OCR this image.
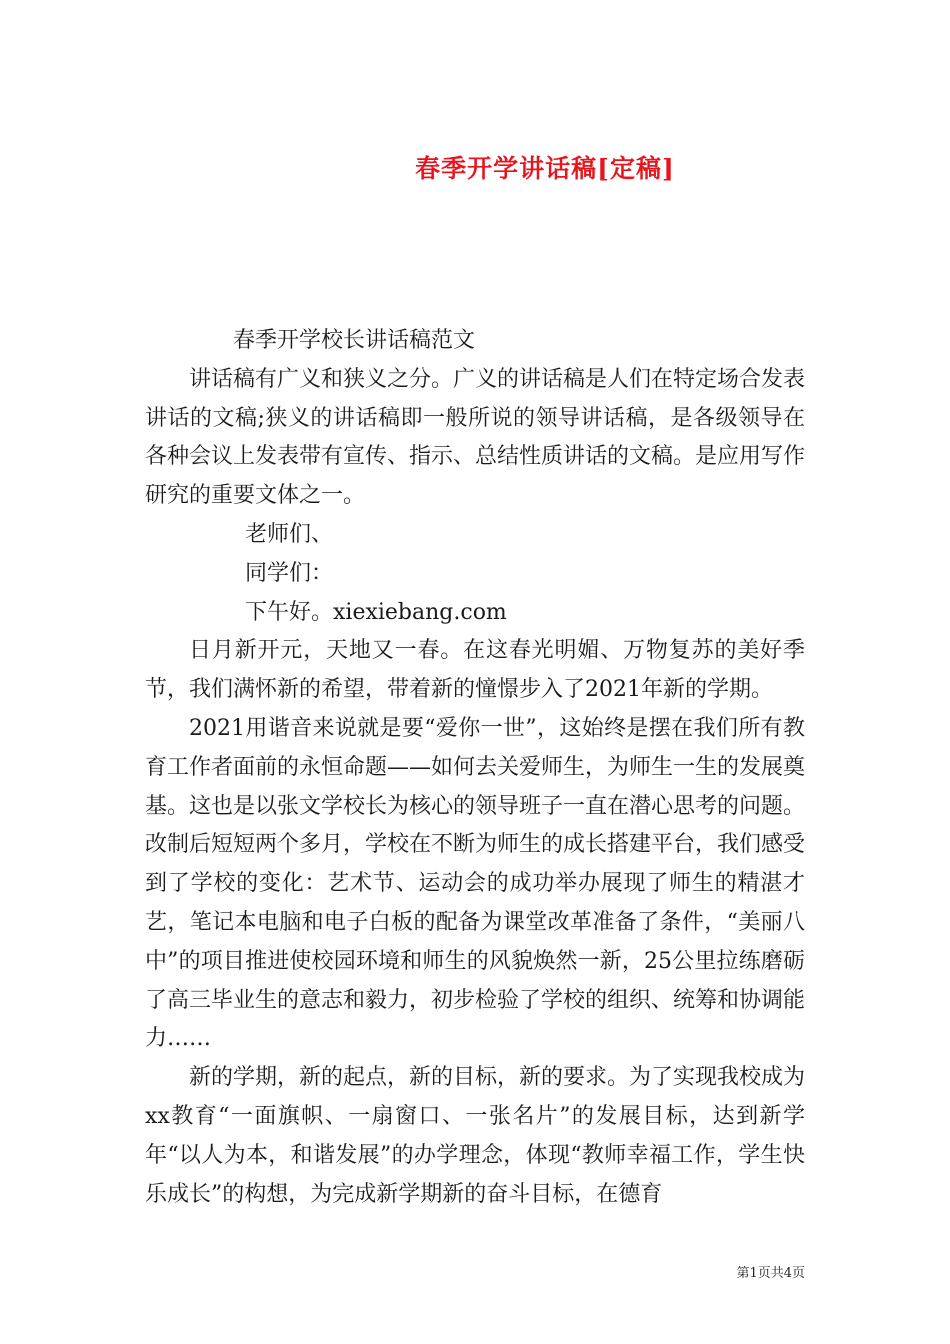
春季开学讲话稿[定稿]

春季开学校长讲话稿范文

讲话稿有广义和狭义之分。广义的讲话稿是人们在特定场合发表讲话的文稿;狭义的讲话稿即一般所说的领导讲话稿，是各级领导在各种会议上发表带有宣传、指示、总结性质讲话的文稿。是应用写作研究的重要文体之一。

老师们、

同学们：

下午好。xiexiebang.com

日月新开元，天地又一春。在这春光明媚、万物复苏的美好季节，我们满怀新的希望，带着新的憧憬步入了2021年新的学期。

2021用谐音来说就是要“爱你一世”，这始终是摆在我们所有教育工作者面前的永恒命题——如何去关爱师生，为师生一生的发展奠基。这也是以张文学校长为核心的领导班子一直在潜心思考的问题。改制后短短两个多月，学校在不断为师生的成长搭建平台，我们感受到了学校的变化：艺术节、运动会的成功举办展现了师生的精湛才艺，笔记本电脑和电子白板的配备为课堂改革准备了条件，“美丽八中”的项目推进使校园环境和师生的风貌焕然一新，25公里拉练磨砺了高三毕业生的意志和毅力，初步检验了学校的组织、统筹和协调能力……

新的学期，新的起点，新的目标，新的要求。为了实现我校成为xx教育“一面旗帜、一扇窗口、一张名片”的发展目标，达到新学年“以人为本，和谐发展”的办学理念，体现“教师幸福工作，学生快乐成长”的构想，为完成新学期新的奋斗目标，在德育

第1页共4页
